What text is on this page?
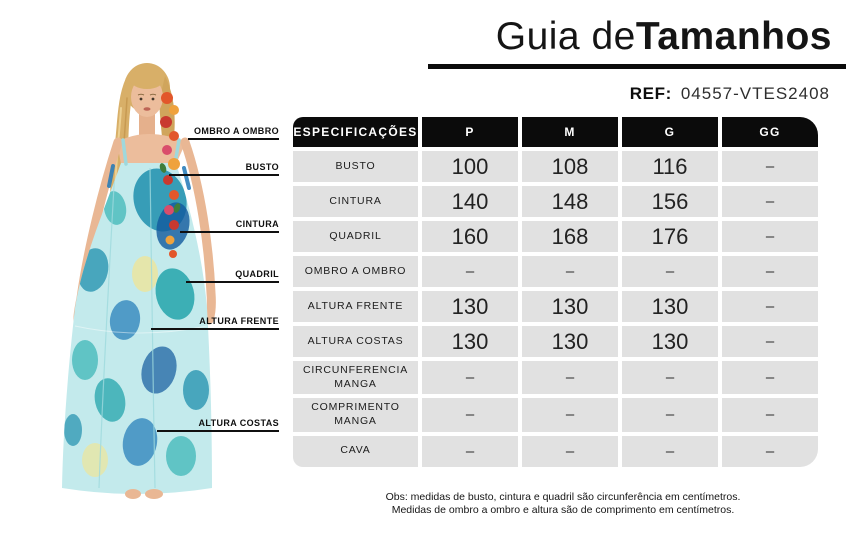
OMBRO A OMBRO
BUSTO
CINTURA
QUADRIL
ALTURA FRENTE
ALTURA COSTAS
Guia deTamanhos
REF: 04557-VTES2408
ESPECIFICAÇÕES	P	M	G	GG
BUSTO	100	108	116	–
CINTURA	140	148	156	–
QUADRIL	160	168	176	–
OMBRO A OMBRO	–	–	–	–
ALTURA FRENTE	130	130	130	–
ALTURA COSTAS	130	130	130	–
CIRCUNFERENCIA MANGA	–	–	–	–
COMPRIMENTO MANGA	–	–	–	–
CAVA	–	–	–	–
Obs: medidas de busto, cintura e quadril são circunferência em centímetros.
Medidas de ombro a ombro e altura são de comprimento em centímetros.
